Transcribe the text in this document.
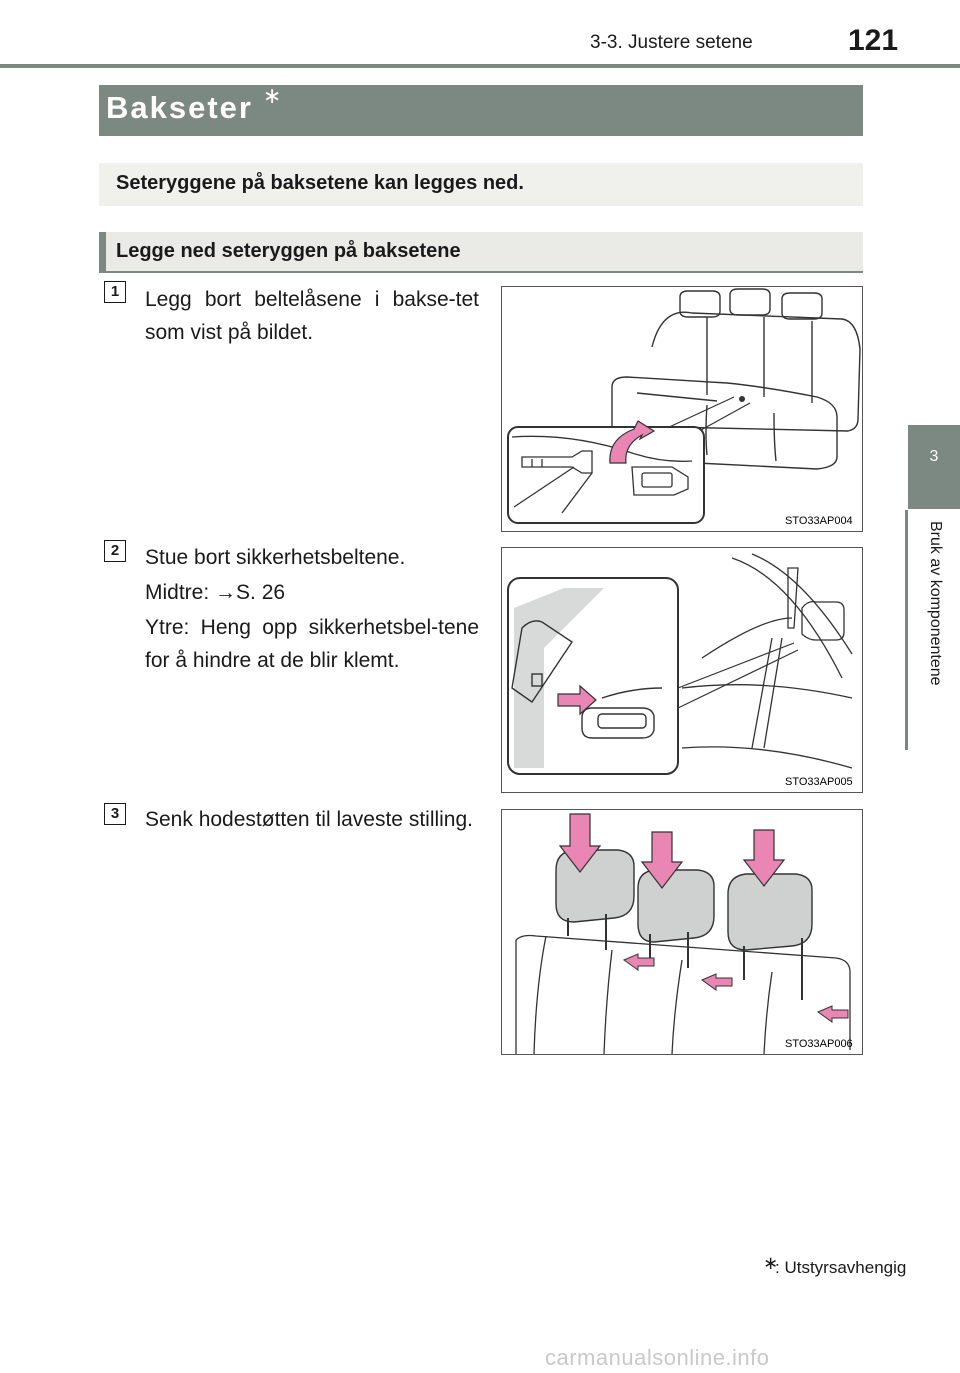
3-3. Justere setene	121
3
Bruk av komponentene
Bakseter ∗
Seteryggene på baksetene kan legges ned.
Legge ned seteryggen på baksetene
1	Legg bort beltelåsene i bakse-tet som vist på bildet.
STO33AP004
2	Stue bort sikkerhetsbeltene.
Midtre: →S. 26
Ytre: Heng opp sikkerhetsbel-tene for å hindre at de blir klemt.
STO33AP005
3	Senk hodestøtten til laveste stilling.
STO33AP006
∗
: Utstyrsavhengig
carmanualsonline.info
